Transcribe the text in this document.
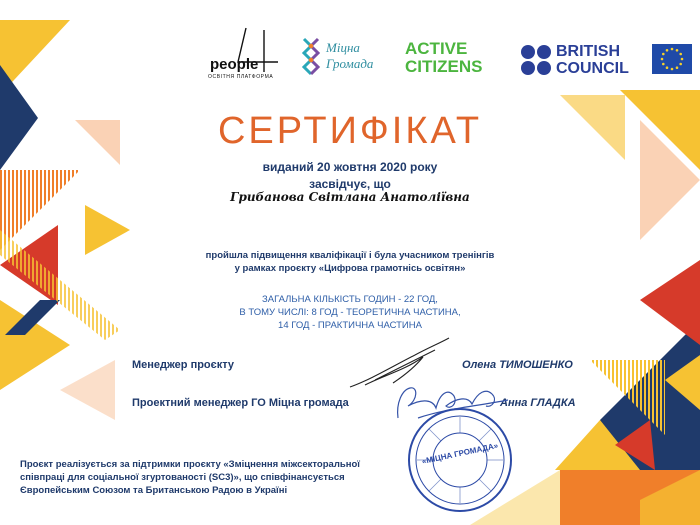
people
ОСВІТНЯ ПЛАТФОРМА
Міцна
Громада
ACTIVE
CITIZENS
BRITISH
COUNCIL
СЕРТИФІКАТ
виданий 20 жовтня 2020 року
засвідчує, що
Грибанова Світлана Анатоліївна
пройшла підвищення кваліфікації і була учасником тренінгів
у рамках проєкту «Цифрова грамотнісь освітян»
ЗАГАЛЬНА КІЛЬКІСТЬ ГОДИН - 22 ГОД,
В ТОМУ ЧИСЛІ: 8 ГОД - ТЕОРЕТИЧНА ЧАСТИНА,
14 ГОД - ПРАКТИЧНА ЧАСТИНА
Менеджер проєкту	Олена ТИМОШЕНКО
Проектний менеджер ГО Міцна громада	Анна ГЛАДКА
«МІЦНА ГРОМАДА»
Проєкт реалізується за підтримки проєкту «Зміцнення міжсекторальної
співпраці для соціальної згуртованості (SC3)», що співфінансується
Європейським Союзом та Британською Радою в Україні
